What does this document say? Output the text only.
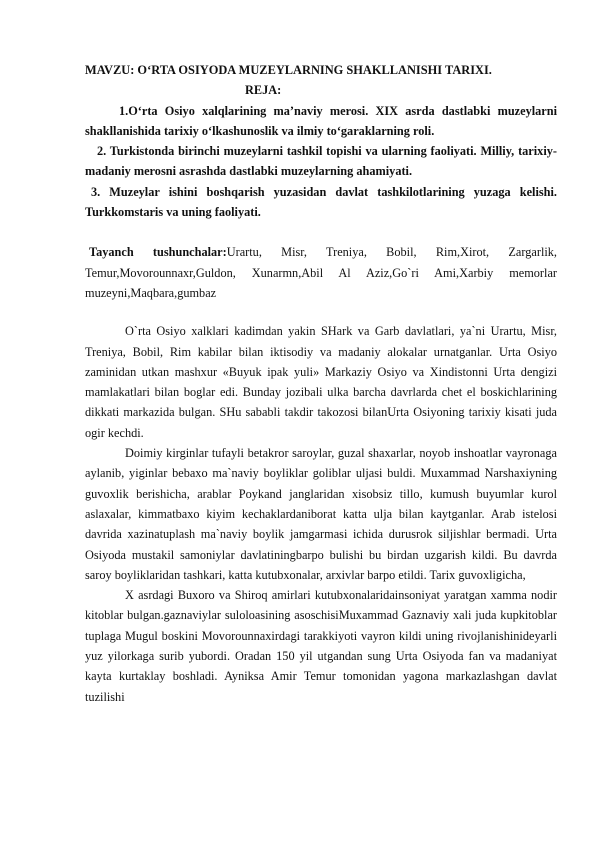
MAVZU: O‘RTA OSIYODA MUZEYLARNING SHAKLLANISHI TARIXI.

REJA:

1.O‘rta Osiyo xalqlarining ma’naviy merosi. XIX asrda dastlabki muzeylarni shakllanishida tarixiy o‘lkashunoslik va ilmiy to‘garaklarning roli.

2. Turkistonda birinchi muzeylarni tashkil topishi va ularning faoliyati. Milliy, tarixiy-madaniy merosni asrashda dastlabki muzeylarning ahamiyati.

3. Muzeylar ishini boshqarish yuzasidan davlat tashkilotlarining yuzaga kelishi. Turkkomstaris va uning faoliyati.

Tayanch tushunchalar:Urartu, Misr, Treniya, Bobil, Rim,Xirot, Zargarlik, Temur,Movorounnaxr,Guldon, Xunarmn,Abil Al Aziz,Go`ri Ami,Xarbiy memorlar muzeyni,Maqbara,gumbaz

O`rta Osiyo xalklari kadimdan yakin SHark va Garb davlatlari, ya`ni Urartu, Misr, Treniya, Bobil, Rim kabilar bilan iktisodiy va madaniy alokalar urnatganlar. Urta Osiyo zaminidan utkan mashxur «Buyuk ipak yuli» Markaziy Osiyo va Xindistonni Urta dengizi mamlakatlari bilan boglar edi. Bunday jozibali ulka barcha davrlarda chet el boskichlarining dikkati markazida bulgan. SHu sababli takdir takozosi bilanUrta Osiyoning tarixiy kisati juda ogir kechdi.

Doimiy kirginlar tufayli betakror saroylar, guzal shaxarlar, noyob inshoatlar vayronaga aylanib, yiginlar bebaxo ma`naviy boyliklar goliblar uljasi buldi. Muxammad Narshaxiyning guvoxlik berishicha, arablar Poykand janglaridan xisobsiz tillo, kumush buyumlar kurol aslaxalar, kimmatbaxo kiyim kechaklardaniborat katta ulja bilan kaytganlar. Arab istelosi davrida xazinatuplash ma`naviy boylik jamgarmasi ichida durusrok siljishlar bermadi. Urta Osiyoda mustakil samoniylar davlatiningbarpo bulishi bu birdan uzgarish kildi. Bu davrda saroy boyliklaridan tashkari, katta kutubxonalar, arxivlar barpo etildi. Tarix guvoxligicha,

X asrdagi Buxoro va Shiroq amirlari kutubxonalaridainsoniyat yaratgan xamma nodir kitoblar bulgan.gaznaviylar suloloasining asoschisiMuxammad Gaznaviy xali juda kupkitoblar tuplaga Mugul boskini Movorounnaxirdagi tarakkiyoti vayron kildi uning rivojlanishinideyarli yuz yilorkaga surib yubordi. Oradan 150 yil utgandan sung Urta Osiyoda fan va madaniyat kayta kurtaklay boshladi. Ayniksa Amir Temur tomonidan yagona markazlashgan davlat tuzilishi
